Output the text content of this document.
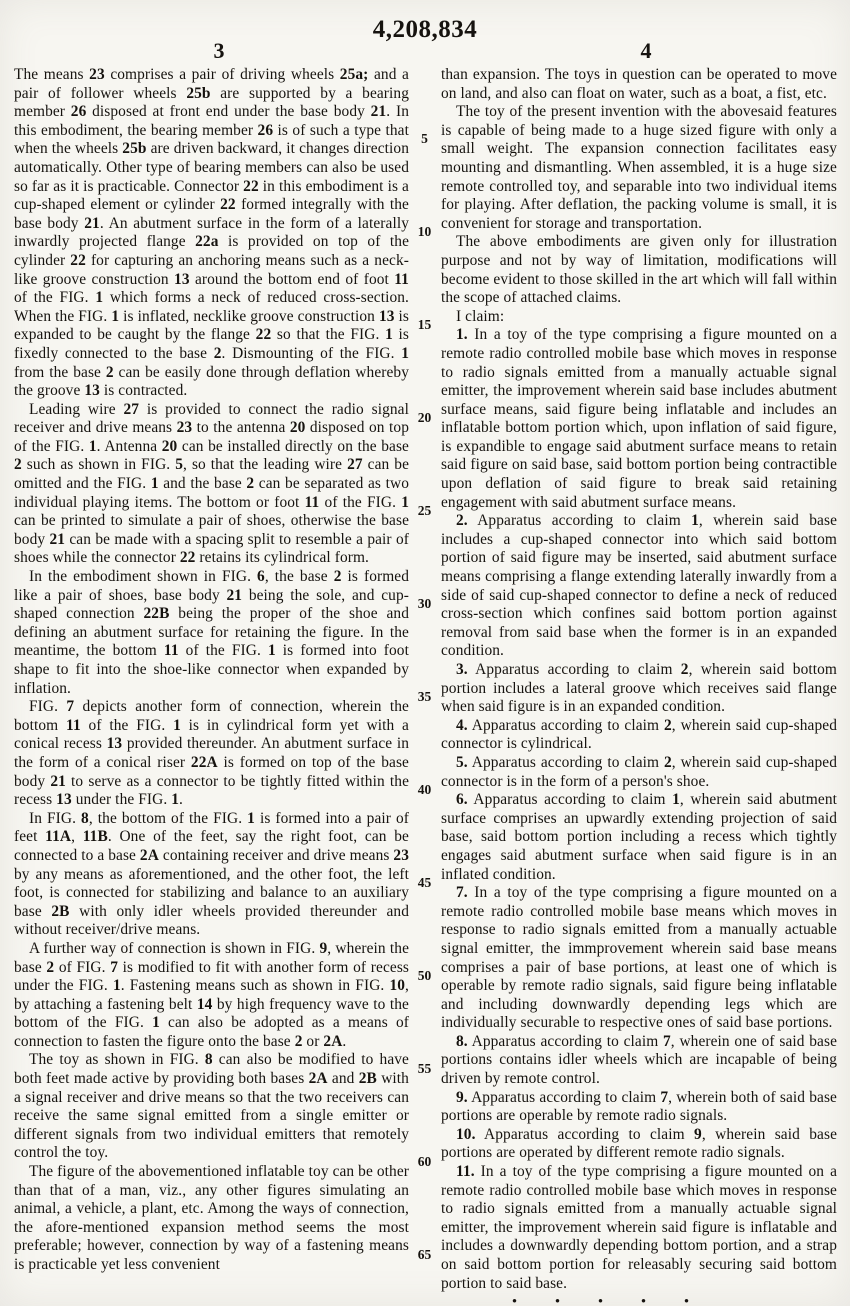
4,208,834
3	4
5
10
15
20
25
30
35
40
45
50
55
60
65

The means 23 comprises a pair of driving wheels 25a; and a pair of follower wheels 25b are supported by a bearing member 26 disposed at front end under the base body 21. In this embodiment, the bearing member 26 is of such a type that when the wheels 25b are driven backward, it changes direction automatically. Other type of bearing members can also be used so far as it is practicable. Connector 22 in this embodiment is a cup-shaped element or cylinder 22 formed integrally with the base body 21. An abutment surface in the form of a laterally inwardly projected flange 22a is provided on top of the cylinder 22 for capturing an anchoring means such as a neck-like groove construction 13 around the bottom end of foot 11 of the FIG. 1 which forms a neck of reduced cross-section. When the FIG. 1 is inflated, necklike groove construction 13 is expanded to be caught by the flange 22 so that the FIG. 1 is fixedly connected to the base 2. Dismounting of the FIG. 1 from the base 2 can be easily done through deflation whereby the groove 13 is contracted.

Leading wire 27 is provided to connect the radio signal receiver and drive means 23 to the antenna 20 disposed on top of the FIG. 1. Antenna 20 can be installed directly on the base 2 such as shown in FIG. 5, so that the leading wire 27 can be omitted and the FIG. 1 and the base 2 can be separated as two individual playing items. The bottom or foot 11 of the FIG. 1 can be printed to simulate a pair of shoes, otherwise the base body 21 can be made with a spacing split to resemble a pair of shoes while the connector 22 retains its cylindrical form.

In the embodiment shown in FIG. 6, the base 2 is formed like a pair of shoes, base body 21 being the sole, and cup-shaped connection 22B being the proper of the shoe and defining an abutment surface for retaining the figure. In the meantime, the bottom 11 of the FIG. 1 is formed into foot shape to fit into the shoe-like connector when expanded by inflation.

FIG. 7 depicts another form of connection, wherein the bottom 11 of the FIG. 1 is in cylindrical form yet with a conical recess 13 provided thereunder. An abutment surface in the form of a conical riser 22A is formed on top of the base body 21 to serve as a connector to be tightly fitted within the recess 13 under the FIG. 1.

In FIG. 8, the bottom of the FIG. 1 is formed into a pair of feet 11A, 11B. One of the feet, say the right foot, can be connected to a base 2A containing receiver and drive means 23 by any means as aforementioned, and the other foot, the left foot, is connected for stabilizing and balance to an auxiliary base 2B with only idler wheels provided thereunder and without receiver/drive means.

A further way of connection is shown in FIG. 9, wherein the base 2 of FIG. 7 is modified to fit with another form of recess under the FIG. 1. Fastening means such as shown in FIG. 10, by attaching a fastening belt 14 by high frequency wave to the bottom of the FIG. 1 can also be adopted as a means of connection to fasten the figure onto the base 2 or 2A.

The toy as shown in FIG. 8 can also be modified to have both feet made active by providing both bases 2A and 2B with a signal receiver and drive means so that the two receivers can receive the same signal emitted from a single emitter or different signals from two individual emitters that remotely control the toy.

The figure of the abovementioned inflatable toy can be other than that of a man, viz., any other figures simulating an animal, a vehicle, a plant, etc. Among the ways of connection, the afore-mentioned expansion method seems the most preferable; however, connection by way of a fastening means is practicable yet less convenient

than expansion. The toys in question can be operated to move on land, and also can float on water, such as a boat, a fist, etc.

The toy of the present invention with the abovesaid features is capable of being made to a huge sized figure with only a small weight. The expansion connection facilitates easy mounting and dismantling. When assembled, it is a huge size remote controlled toy, and separable into two individual items for playing. After deflation, the packing volume is small, it is convenient for storage and transportation.

The above embodiments are given only for illustration purpose and not by way of limitation, modifications will become evident to those skilled in the art which will fall within the scope of attached claims.

I claim:

1. In a toy of the type comprising a figure mounted on a remote radio controlled mobile base which moves in response to radio signals emitted from a manually actuable signal emitter, the improvement wherein said base includes abutment surface means, said figure being inflatable and includes an inflatable bottom portion which, upon inflation of said figure, is expandible to engage said abutment surface means to retain said figure on said base, said bottom portion being contractible upon deflation of said figure to break said retaining engagement with said abutment surface means.

2. Apparatus according to claim 1, wherein said base includes a cup-shaped connector into which said bottom portion of said figure may be inserted, said abutment surface means comprising a flange extending laterally inwardly from a side of said cup-shaped connector to define a neck of reduced cross-section which confines said bottom portion against removal from said base when the former is in an expanded condition.

3. Apparatus according to claim 2, wherein said bottom portion includes a lateral groove which receives said flange when said figure is in an expanded condition.

4. Apparatus according to claim 2, wherein said cup-shaped connector is cylindrical.

5. Apparatus according to claim 2, wherein said cup-shaped connector is in the form of a person's shoe.

6. Apparatus according to claim 1, wherein said abutment surface comprises an upwardly extending projection of said base, said bottom portion including a recess which tightly engages said abutment surface when said figure is in an inflated condition.

7. In a toy of the type comprising a figure mounted on a remote radio controlled mobile base means which moves in response to radio signals emitted from a manually actuable signal emitter, the immprovement wherein said base means comprises a pair of base portions, at least one of which is operable by remote radio signals, said figure being inflatable and including downwardly depending legs which are individually securable to respective ones of said base portions.

8. Apparatus according to claim 7, wherein one of said base portions contains idler wheels which are incapable of being driven by remote control.

9. Apparatus according to claim 7, wherein both of said base portions are operable by remote radio signals.

10. Apparatus according to claim 9, wherein said base portions are operated by different remote radio signals.

11. In a toy of the type comprising a figure mounted on a remote radio controlled mobile base which moves in response to radio signals emitted from a manually actuable signal emitter, the improvement wherein said figure is inflatable and includes a downwardly depending bottom portion, and a strap on said bottom portion for releasably securing said bottom portion to said base.

• • • • •
